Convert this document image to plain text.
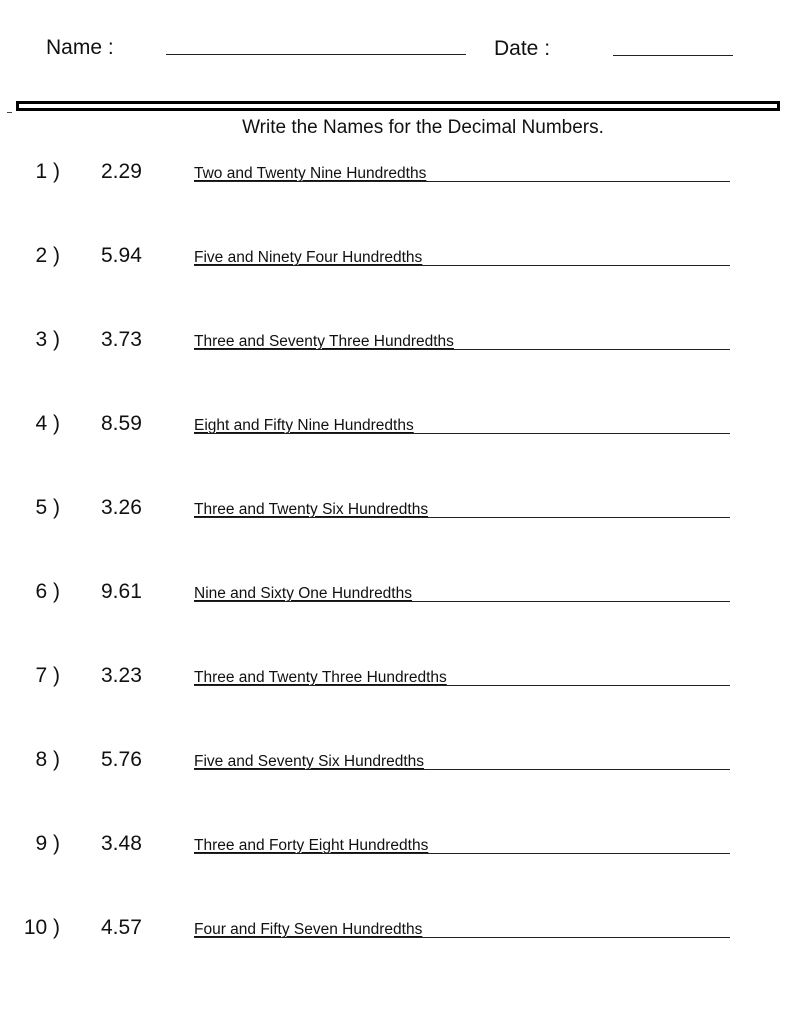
Name :	Date :
Write the Names for the Decimal Numbers.
1 ) 2.29	Two and Twenty Nine Hundredths
2 ) 5.94	Five and Ninety Four Hundredths
3 ) 3.73	Three and Seventy Three Hundredths
4 ) 8.59	Eight and Fifty Nine Hundredths
5 ) 3.26	Three and Twenty Six Hundredths
6 ) 9.61	Nine and Sixty One Hundredths
7 ) 3.23	Three and Twenty Three Hundredths
8 ) 5.76	Five and Seventy Six Hundredths
9 ) 3.48	Three and Forty Eight Hundredths
10 ) 4.57	Four and Fifty Seven Hundredths
